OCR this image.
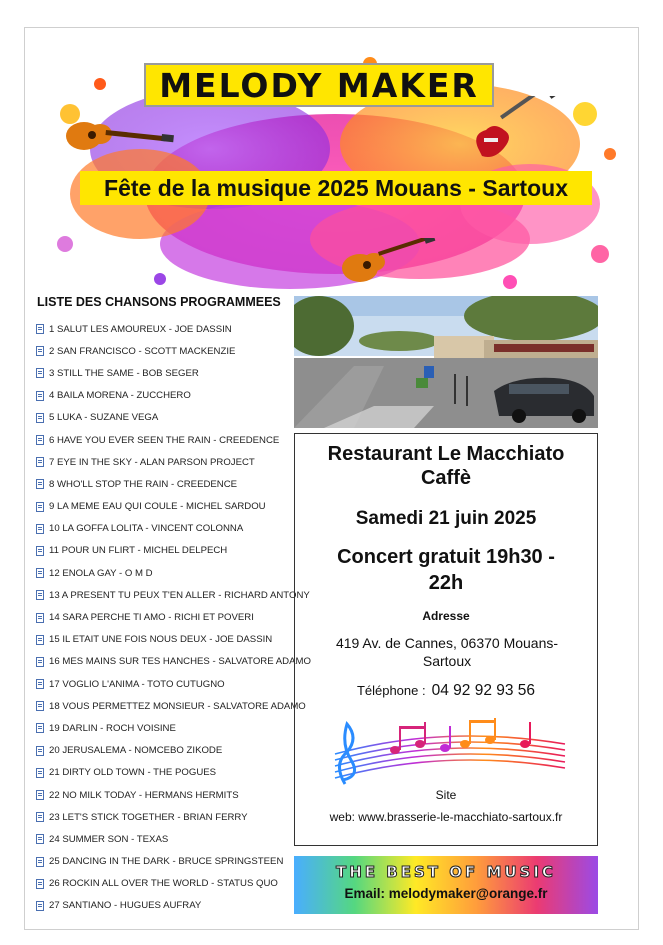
MELODY MAKER
Fête de la musique 2025 Mouans - Sartoux
LISTE DES CHANSONS PROGRAMMEES
1 SALUT LES AMOUREUX - JOE DASSIN
2 SAN FRANCISCO - SCOTT MACKENZIE
3 STILL THE SAME - BOB SEGER
4 BAILA MORENA - ZUCCHERO
5 LUKA - SUZANE VEGA
6 HAVE YOU EVER SEEN THE RAIN - CREEDENCE
7 EYE IN THE SKY - ALAN PARSON PROJECT
8 WHO'LL STOP THE RAIN - CREEDENCE
9 LA MEME EAU QUI COULE - MICHEL SARDOU
10 LA GOFFA LOLITA - VINCENT COLONNA
11 POUR UN FLIRT - MICHEL DELPECH
12 ENOLA GAY - O M D
13 A PRESENT TU PEUX T'EN ALLER - RICHARD ANTONY
14 SARA PERCHE TI AMO - RICHI ET POVERI
15 IL ETAIT UNE FOIS NOUS DEUX - JOE DASSIN
16 MES MAINS SUR TES HANCHES - SALVATORE ADAMO
17 VOGLIO L'ANIMA - TOTO CUTUGNO
18 VOUS PERMETTEZ MONSIEUR - SALVATORE ADAMO
19 DARLIN - ROCH VOISINE
20 JERUSALEMA - NOMCEBO ZIKODE
21 DIRTY OLD TOWN - THE POGUES
22 NO MILK TODAY - HERMANS HERMITS
23 LET'S STICK TOGETHER - BRIAN FERRY
24 SUMMER SON - TEXAS
25 DANCING IN THE DARK - BRUCE SPRINGSTEEN
26 ROCKIN ALL OVER THE WORLD - STATUS QUO
27 SANTIANO - HUGUES AUFRAY
Restaurant Le Macchiato
Caffè
Samedi 21 juin 2025
Concert gratuit 19h30 -
22h
Adresse
419 Av. de Cannes, 06370 Mouans-
Sartoux
Téléphone : 04 92 92 93 56
Site
web: www.brasserie-le-macchiato-sartoux.fr
THE BEST OF MUSIC
Email: melodymaker@orange.fr
